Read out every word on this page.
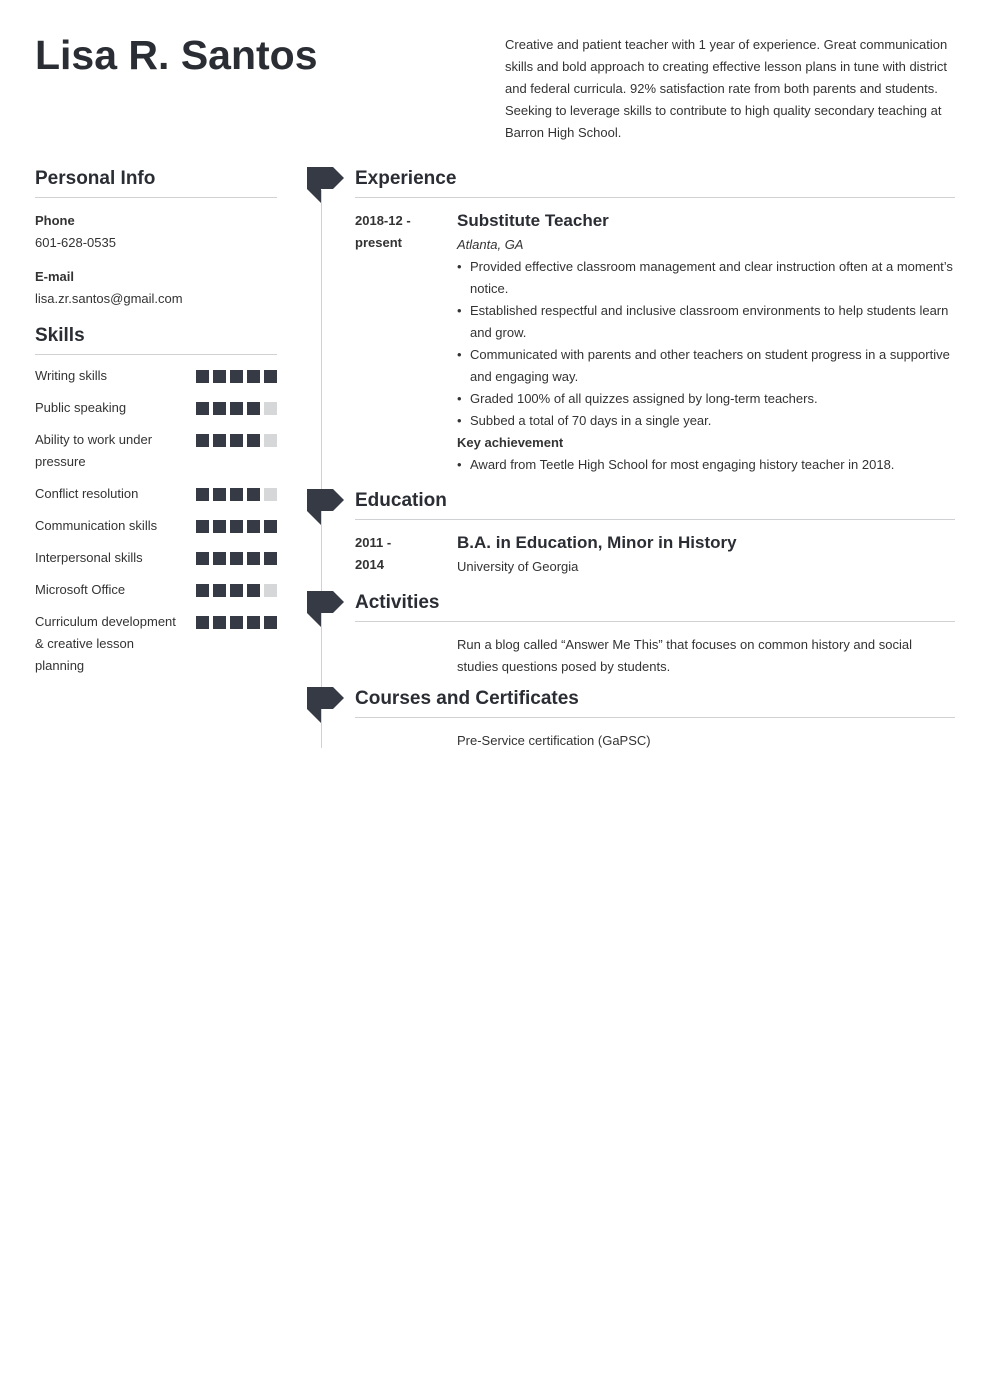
Lisa R. Santos	Creative and patient teacher with 1 year of experience. Great communication skills and bold approach to creating effective lesson plans in tune with district and federal curricula. 92% satisfaction rate from both parents and students. Seeking to leverage skills to contribute to high quality secondary teaching at Barron High School.

Personal Info
Phone
601-628-0535
E-mail
lisa.zr.santos@gmail.com
Skills
Writing skills
Public speaking
Ability to work under pressure
Conflict resolution
Communication skills
Interpersonal skills
Microsoft Office
Curriculum development & creative lesson planning
Experience
2018-12 -
present
Substitute Teacher
Atlanta, GA
• Provided effective classroom management and clear instruction often at a moment’s notice.
• Established respectful and inclusive classroom environments to help students learn and grow.
• Communicated with parents and other teachers on student progress in a supportive and engaging way.
• Graded 100% of all quizzes assigned by long-term teachers.
• Subbed a total of 70 days in a single year.
Key achievement
• Award from Teetle High School for most engaging history teacher in 2018.
Education
2011 -
2014
B.A. in Education, Minor in History
University of Georgia
Activities
Run a blog called “Answer Me This” that focuses on common history and social studies questions posed by students.
Courses and Certificates
Pre-Service certification (GaPSC)
